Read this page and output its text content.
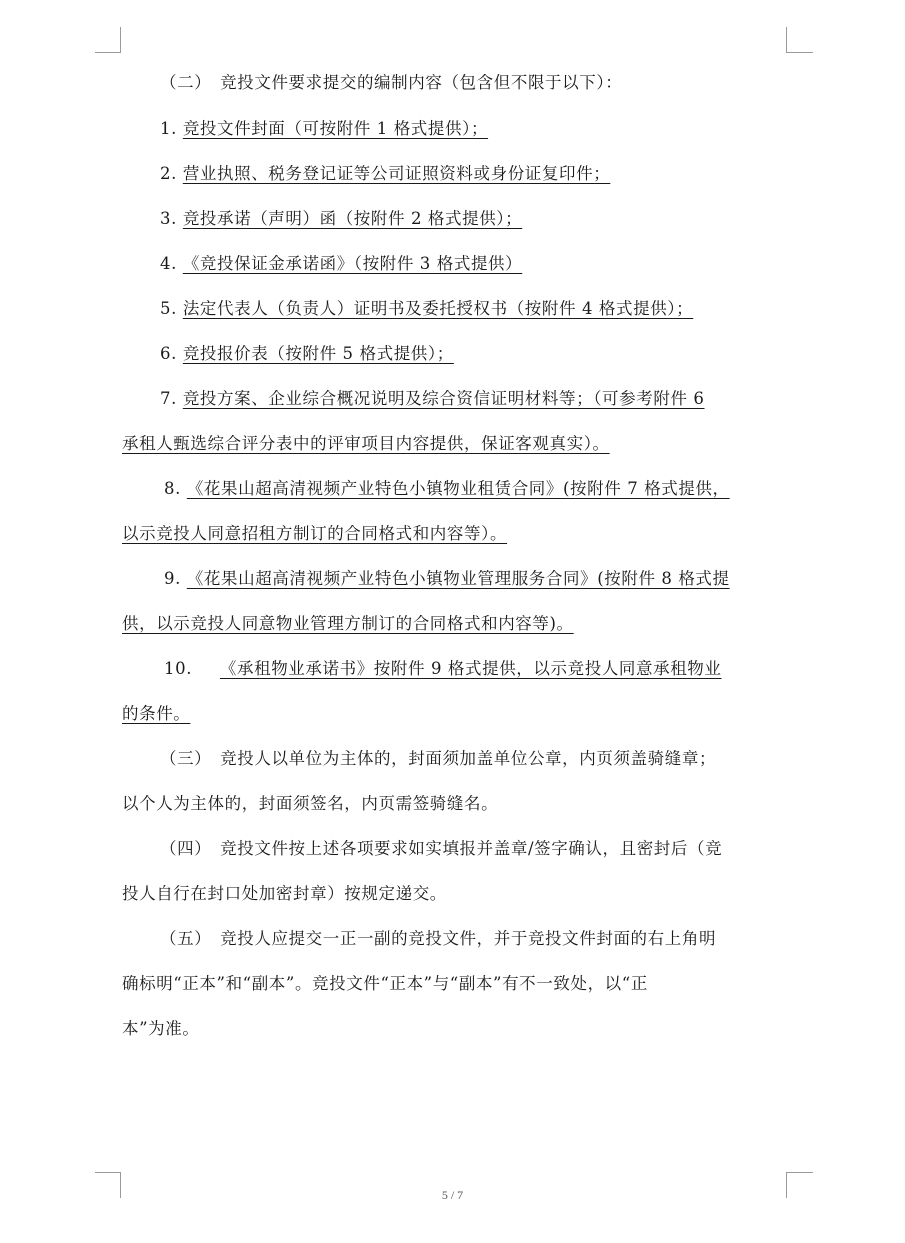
（二）　竞投文件要求提交的编制内容（包含但不限于以下）：
1. 竞投文件封面（可按附件 1 格式提供）；
2. 营业执照、税务登记证等公司证照资料或身份证复印件；
3. 竞投承诺（声明）函（按附件 2 格式提供）；
4. 《竞投保证金承诺函》（按附件 3 格式提供）
5. 法定代表人（负责人）证明书及委托授权书（按附件 4 格式提供）；
6. 竞投报价表（按附件 5 格式提供）；
7. 竞投方案、企业综合概况说明及综合资信证明材料等；（可参考附件 6
承租人甄选综合评分表中的评审项目内容提供，保证客观真实）。
8. 《花果山超高清视频产业特色小镇物业租赁合同》(按附件 7 格式提供，
以示竞投人同意招租方制订的合同格式和内容等）。
9. 《花果山超高清视频产业特色小镇物业管理服务合同》(按附件 8 格式提
供，以示竞投人同意物业管理方制订的合同格式和内容等)。
10. 《承租物业承诺书》按附件 9 格式提供，以示竞投人同意承租物业
的条件。
（三）　竞投人以单位为主体的，封面须加盖单位公章，内页须盖骑缝章；
以个人为主体的，封面须签名，内页需签骑缝名。
（四）　竞投文件按上述各项要求如实填报并盖章/签字确认，且密封后（竞
投人自行在封口处加密封章）按规定递交。
（五）　竞投人应提交一正一副的竞投文件，并于竞投文件封面的右上角明
确标明“正本”和“副本”。竞投文件“正本”与“副本”有不一致处，以“正
本”为准。
5 / 7
